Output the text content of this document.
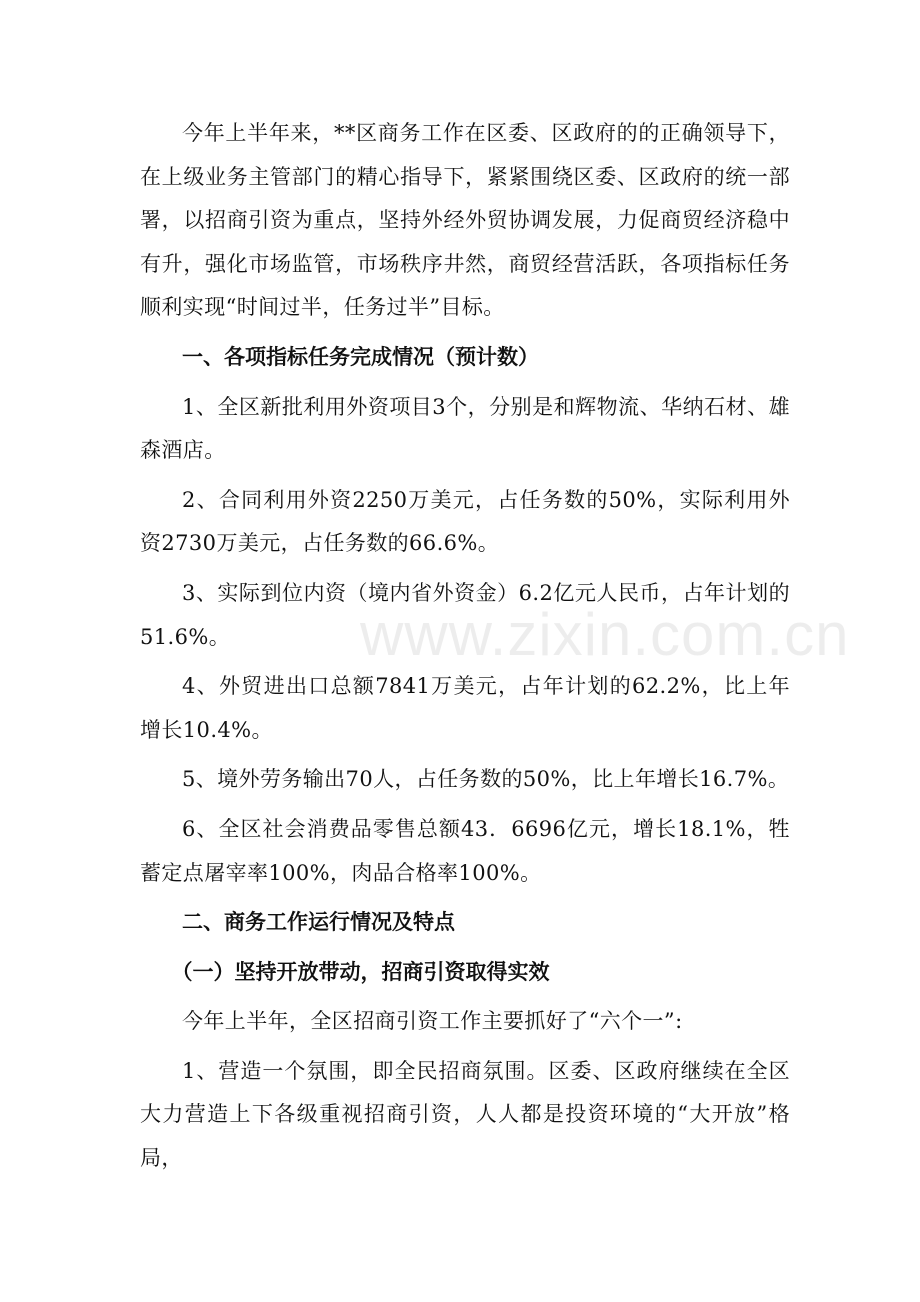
www.zixin.com.cn

今年上半年来，**区商务工作在区委、区政府的的正确领导下，在上级业务主管部门的精心指导下，紧紧围绕区委、区政府的统一部署，以招商引资为重点，坚持外经外贸协调发展，力促商贸经济稳中有升，强化市场监管，市场秩序井然，商贸经营活跃，各项指标任务顺利实现“时间过半，任务过半”目标。

一、各项指标任务完成情况（预计数）

1、全区新批利用外资项目3个，分别是和辉物流、华纳石材、雄森酒店。

2、合同利用外资2250万美元，占任务数的50%，实际利用外资2730万美元，占任务数的66.6%。

3、实际到位内资（境内省外资金）6.2亿元人民币，占年计划的51.6%。

4、外贸进出口总额7841万美元，占年计划的62.2%，比上年增长10.4%。

5、境外劳务输出70人，占任务数的50%，比上年增长16.7%。

6、全区社会消费品零售总额43．6696亿元，增长18.1%，牲蓄定点屠宰率100%，肉品合格率100%。

二、商务工作运行情况及特点

（一）坚持开放带动，招商引资取得实效

今年上半年，全区招商引资工作主要抓好了“六个一”:

1、营造一个氛围，即全民招商氛围。区委、区政府继续在全区大力营造上下各级重视招商引资，人人都是投资环境的“大开放”格局，
